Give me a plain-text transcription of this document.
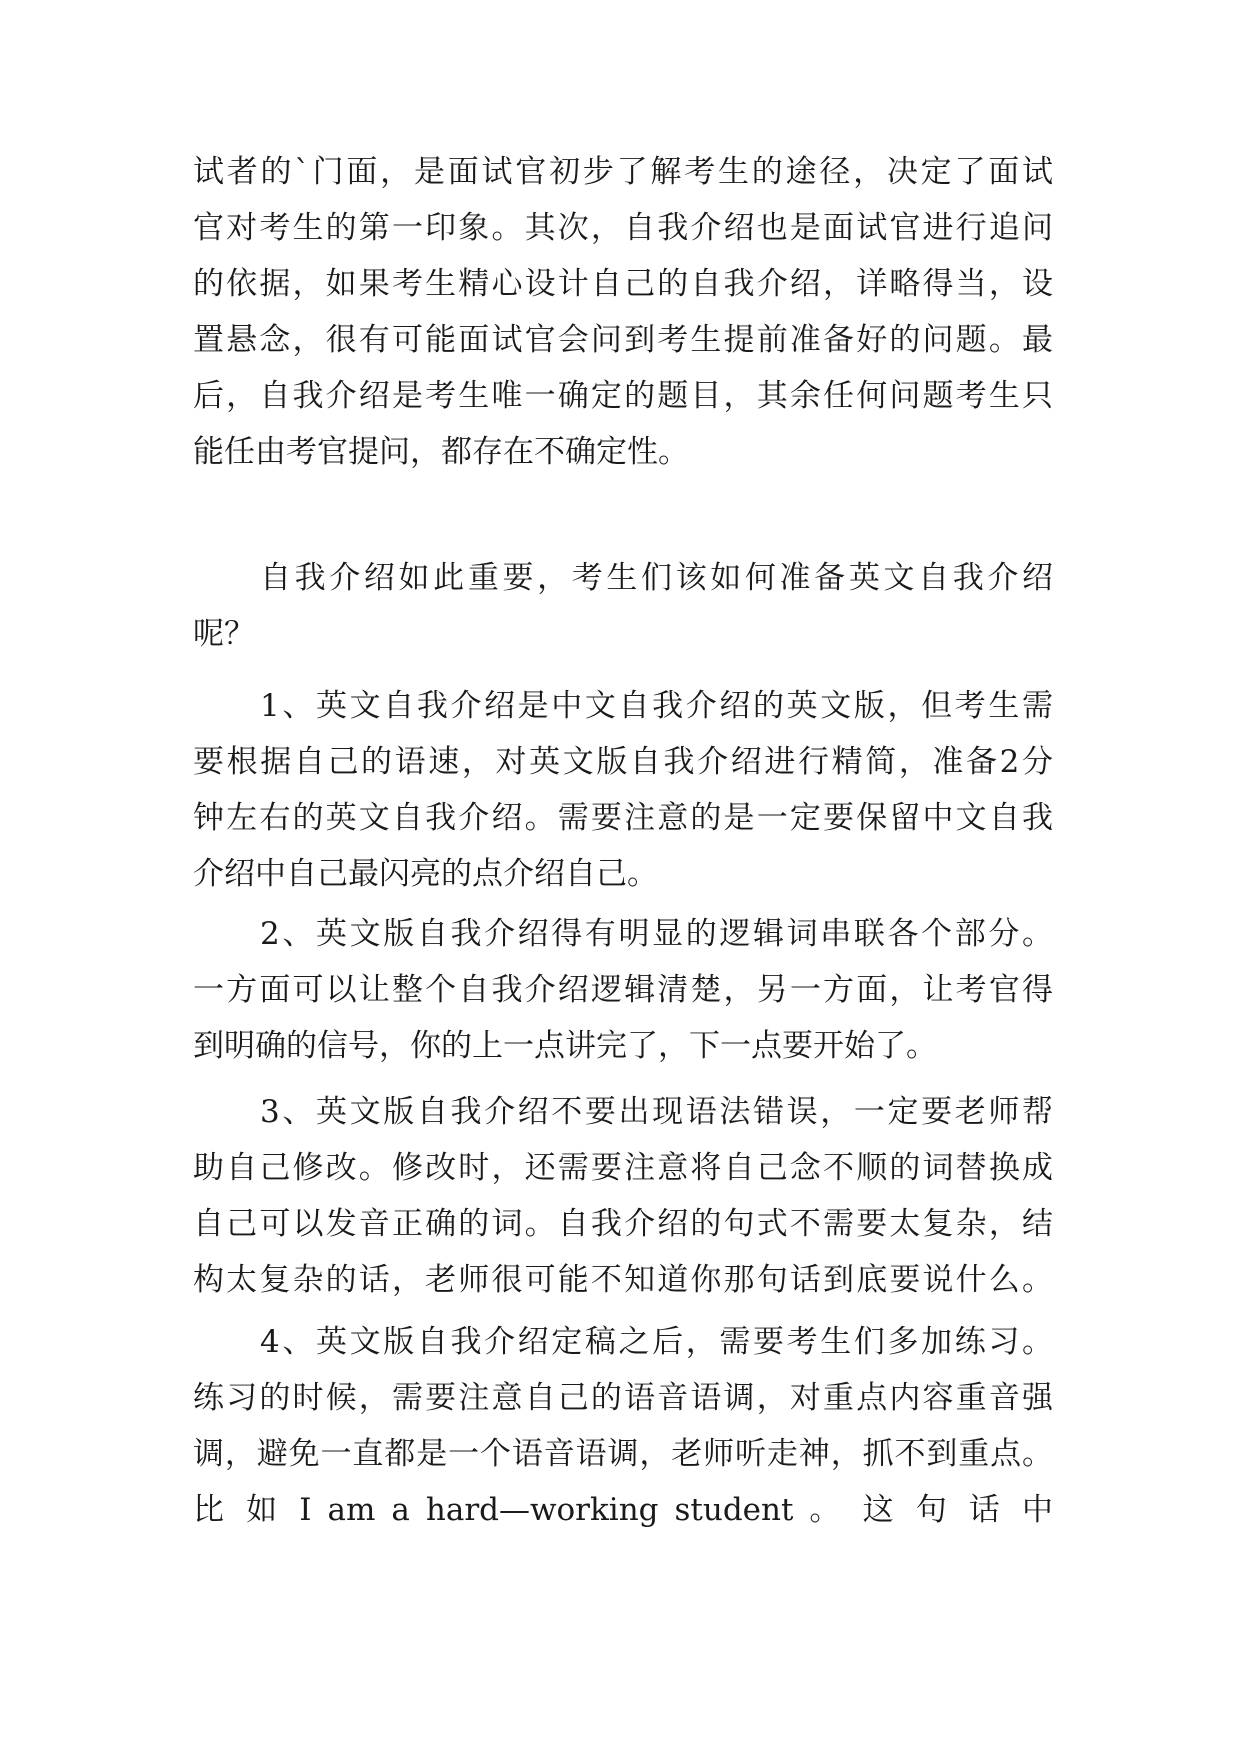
试者的`门面，是面试官初步了解考生的途径，决定了面试
官对考生的第一印象。其次，自我介绍也是面试官进行追问
的依据，如果考生精心设计自己的自我介绍，详略得当，设
置悬念，很有可能面试官会问到考生提前准备好的问题。最
后，自我介绍是考生唯一确定的题目，其余任何问题考生只
能任由考官提问，都存在不确定性。
自我介绍如此重要，考生们该如何准备英文自我介绍
呢？
1、英文自我介绍是中文自我介绍的英文版，但考生需
要根据自己的语速，对英文版自我介绍进行精简，准备2分
钟左右的英文自我介绍。需要注意的是一定要保留中文自我
介绍中自己最闪亮的点介绍自己。
2、英文版自我介绍得有明显的逻辑词串联各个部分。
一方面可以让整个自我介绍逻辑清楚，另一方面，让考官得
到明确的信号，你的上一点讲完了，下一点要开始了。
3、英文版自我介绍不要出现语法错误，一定要老师帮
助自己修改。修改时，还需要注意将自己念不顺的词替换成
自己可以发音正确的词。自我介绍的句式不需要太复杂，结
构太复杂的话，老师很可能不知道你那句话到底要说什么。
4、英文版自我介绍定稿之后，需要考生们多加练习。
练习的时候，需要注意自己的语音语调，对重点内容重音强
调，避免一直都是一个语音语调，老师听走神，抓不到重点。
比 如 I am a hard—working student 。 这 句 话 中
